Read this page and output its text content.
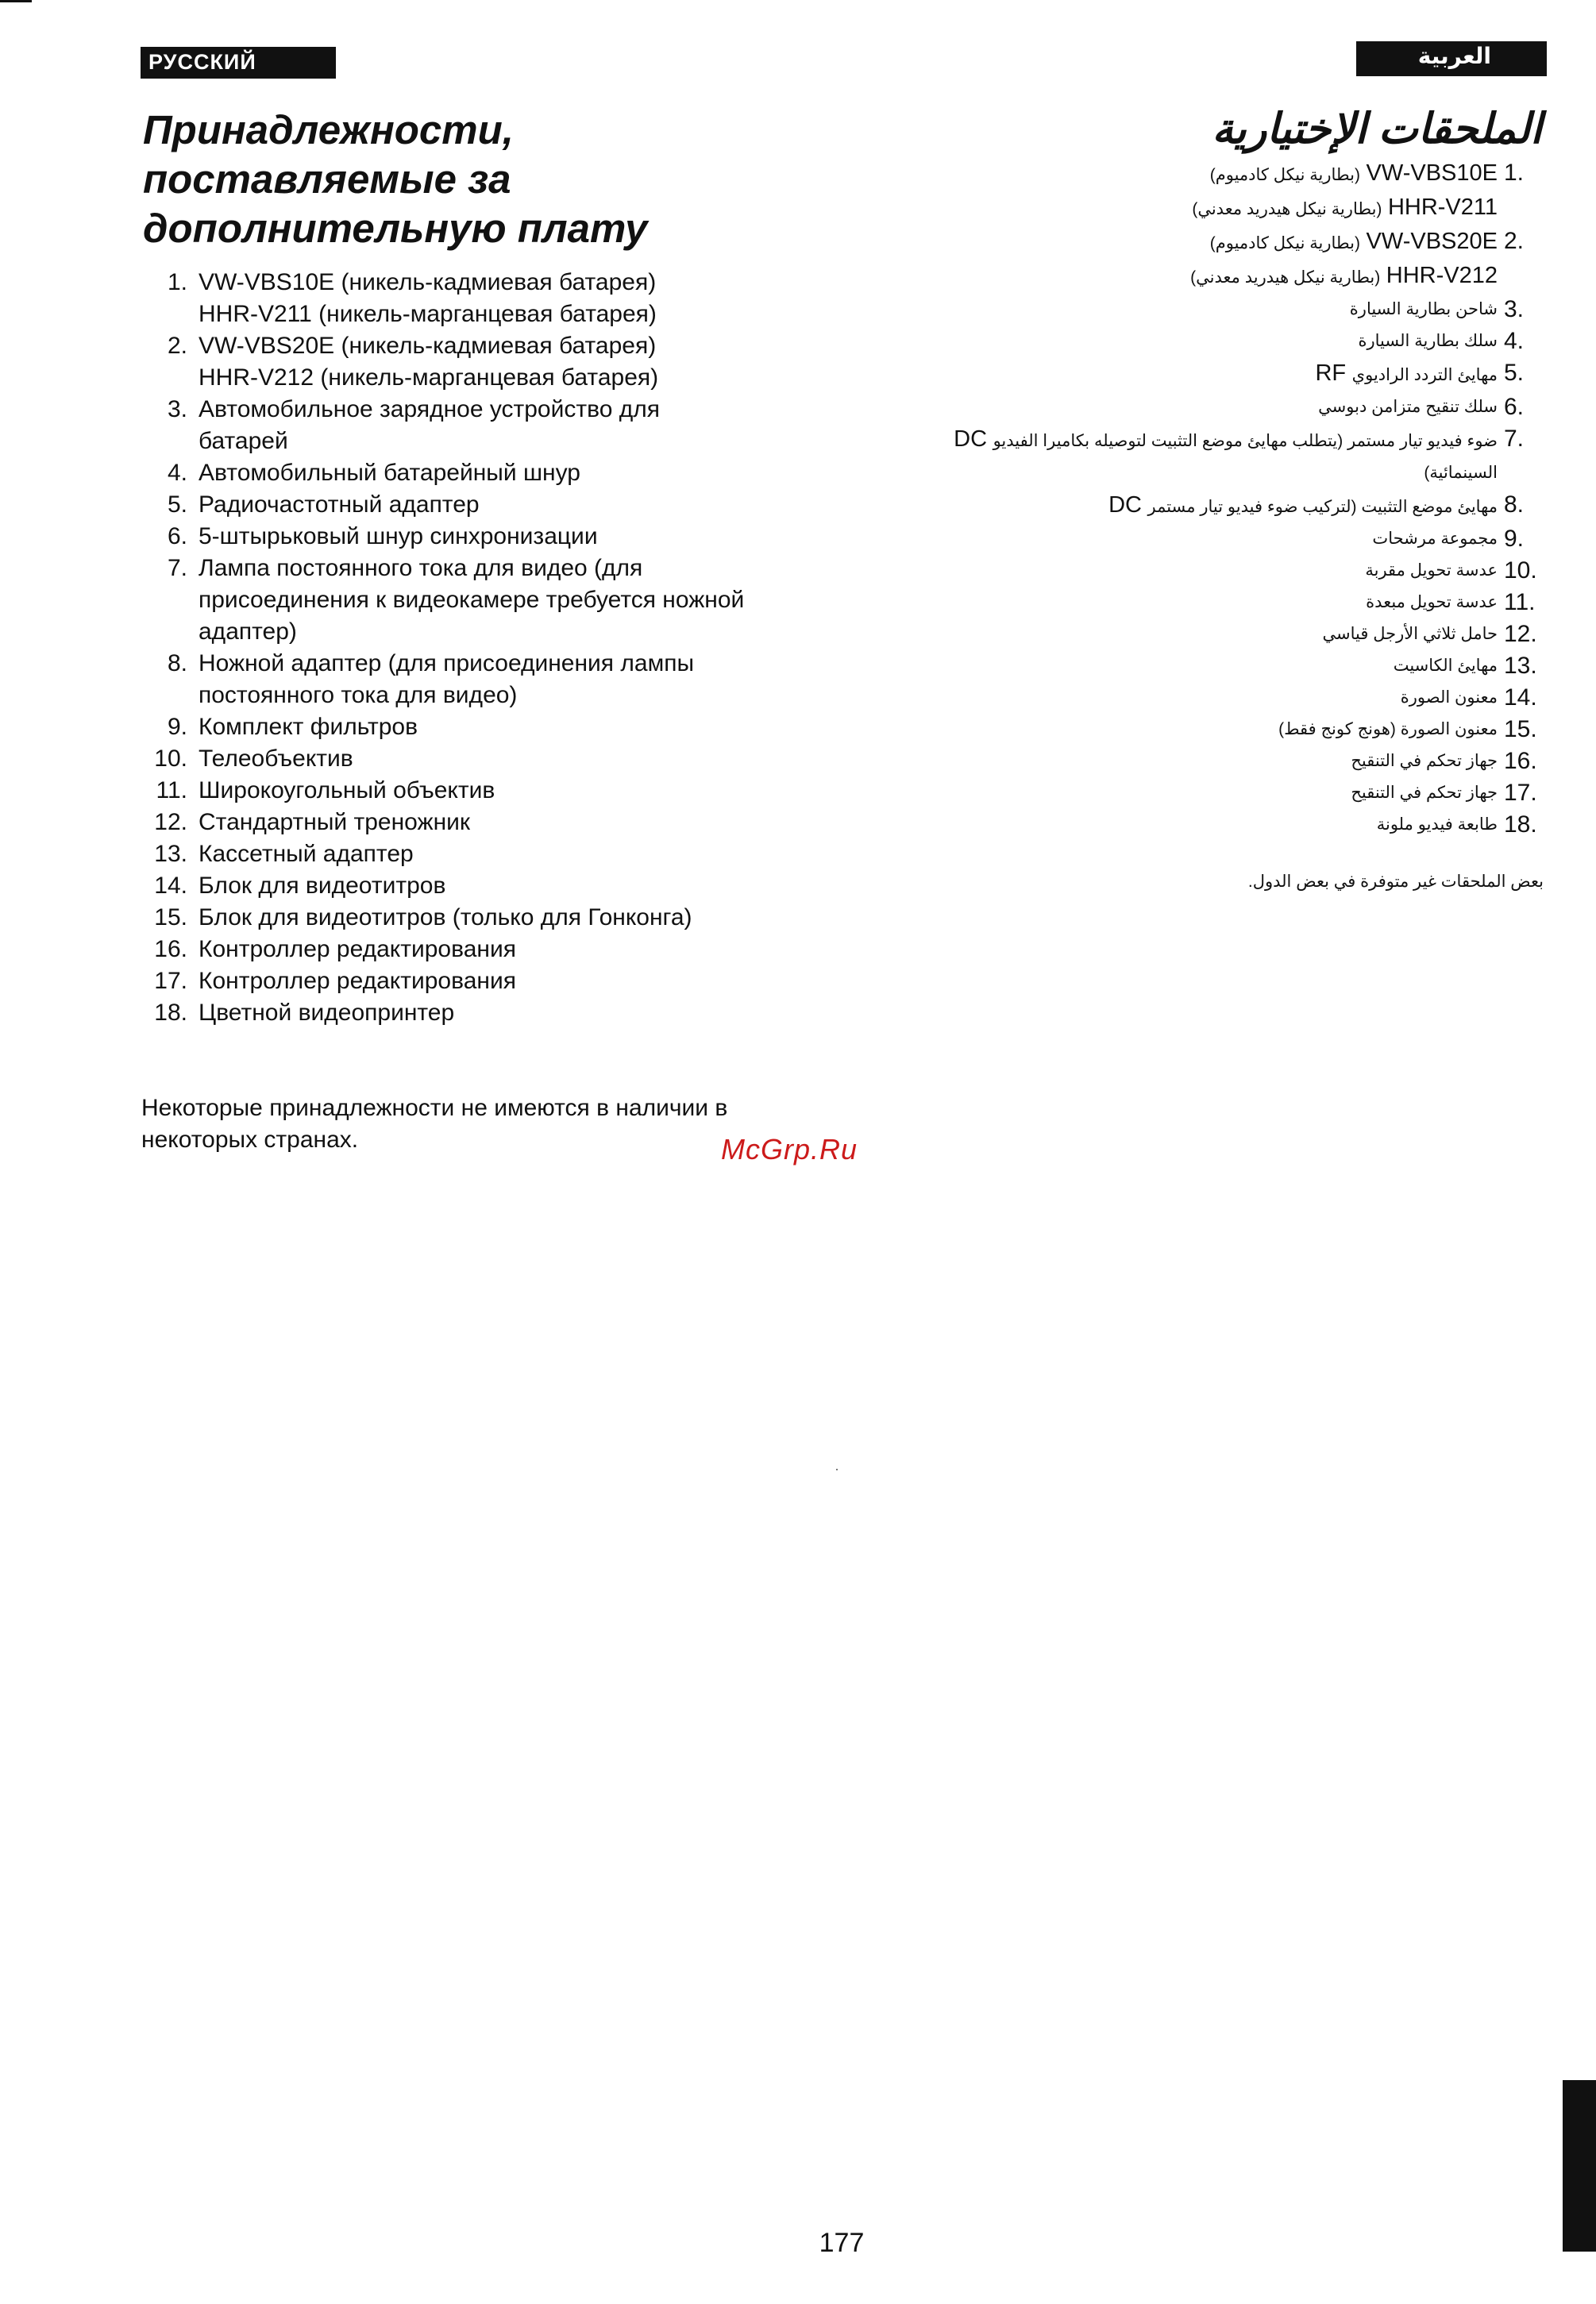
РУССКИЙ ЯЗЫК
العربية
Принадлежности,
поставляемые за
дополнительную плату
الملحقات الإختيارية
1. VW-VBS10E (никель-кадмиевая батарея)
HHR-V211 (никель-марганцевая батарея)
2. VW-VBS20E (никель-кадмиевая батарея)
HHR-V212 (никель-марганцевая батарея)
3. Автомобильное зарядное устройство для
батарей
4. Автомобильный батарейный шнур
5. Радиочастотный адаптер
6. 5-штырьковый шнур синхронизации
7. Лампа постоянного тока для видео (для
присоединения к видеокамере требуется ножной
адаптер)
8. Ножной адаптер (для присоединения лампы
постоянного тока для видео)
9. Комплект фильтров
10. Телеобъектив
11. Широкоугольный объектив
12. Стандартный треножник
13. Кассетный адаптер
14. Блок для видеотитров
15. Блок для видеотитров (только для Гонконга)
16. Контроллер редактирования
17. Контроллер редактирования
18. Цветной видеопринтер
Некоторые принадлежности не имеются в наличии в
некоторых странах.	McGrp.Ru
1.
VW-VBS10E (بطارية نيكل كادميوم)
HHR-V211 (بطارية نيكل هيدريد معدني)
2.
VW-VBS20E (بطارية نيكل كادميوم)
HHR-V212 (بطارية نيكل هيدريد معدني)
3.
شاحن بطارية السيارة
4.
سلك بطارية السيارة
5.
مهايئ التردد الراديوي RF
6.
سلك تنقيح متزامن دبوسي
7.
ضوء فيديو تيار مستمر (يتطلب مهايئ موضع التثبيت لتوصيله بكاميرا الفيديو DC
السينمائية)
8.
مهايئ موضع التثبيت (لتركيب ضوء فيديو تيار مستمر DC
9.
مجموعة مرشحات
10.
عدسة تحويل مقربة
11.
عدسة تحويل مبعدة
12.
حامل ثلاثي الأرجل قياسي
13.
مهايئ الكاسيت
14.
معنون الصورة
15.
معنون الصورة (هونج كونج فقط)
16.
جهاز تحكم في التنقيح
17.
جهاز تحكم في التنقيح
18.
طابعة فيديو ملونة
بعض الملحقات غير متوفرة في بعض الدول.
177
